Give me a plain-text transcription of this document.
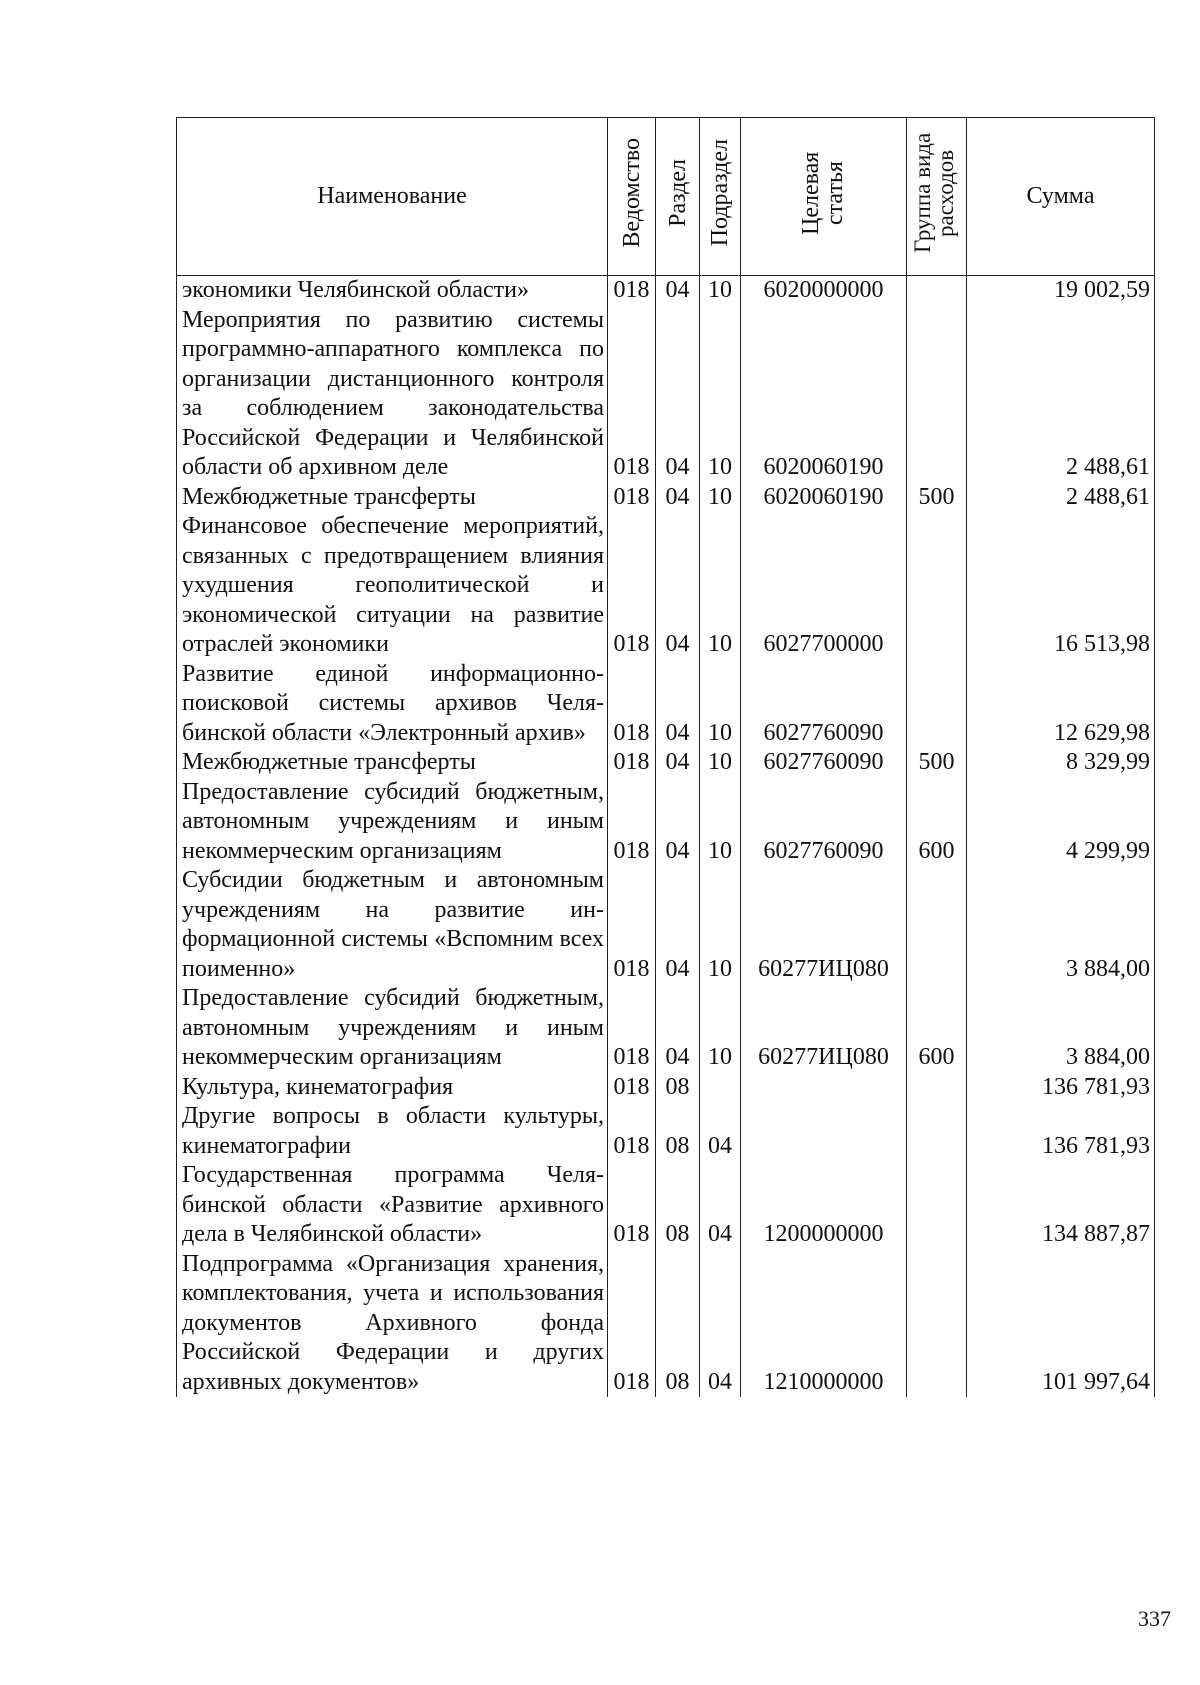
Наименование	Ведомство	Раздел	Подраздел	Целевая статья	Группа вида расходов	Сумма
экономики Челябинской области»	018	04	10	6020000000		19 002,59
Мероприятия по развитию системы программно-аппаратного комплекса по организации дистанционного контроля за соблюдением законодательства Российской Федерации и Челябинской области об архивном деле	018	04	10	6020060190		2 488,61
Межбюджетные трансферты	018	04	10	6020060190	500	2 488,61
Финансовое обеспечение мероприятий, связанных с предотвращением влияния ухудшения геополитической и экономической ситуации на развитие отраслей экономики	018	04	10	6027700000		16 513,98
Развитие единой информационно-поисковой системы архивов Челябинской области «Электронный архив»	018	04	10	6027760090		12 629,98
Межбюджетные трансферты	018	04	10	6027760090	500	8 329,99
Предоставление субсидий бюджетным, автономным учреждениям и иным некоммерческим организациям	018	04	10	6027760090	600	4 299,99
Субсидии бюджетным и автономным учреждениям на развитие информационной системы «Вспомним всех поименно»	018	04	10	60277ИЦ080		3 884,00
Предоставление субсидий бюджетным, автономным учреждениям и иным некоммерческим организациям	018	04	10	60277ИЦ080	600	3 884,00
Культура, кинематография	018	08				136 781,93
Другие вопросы в области культуры, кинематографии	018	08	04			136 781,93
Государственная программа Челябинской области «Развитие архивного дела в Челябинской области»	018	08	04	1200000000		134 887,87
Подпрограмма «Организация хранения, комплектования, учета и использования документов Архивного фонда Российской Федерации и других архивных документов»	018	08	04	1210000000		101 997,64
337
